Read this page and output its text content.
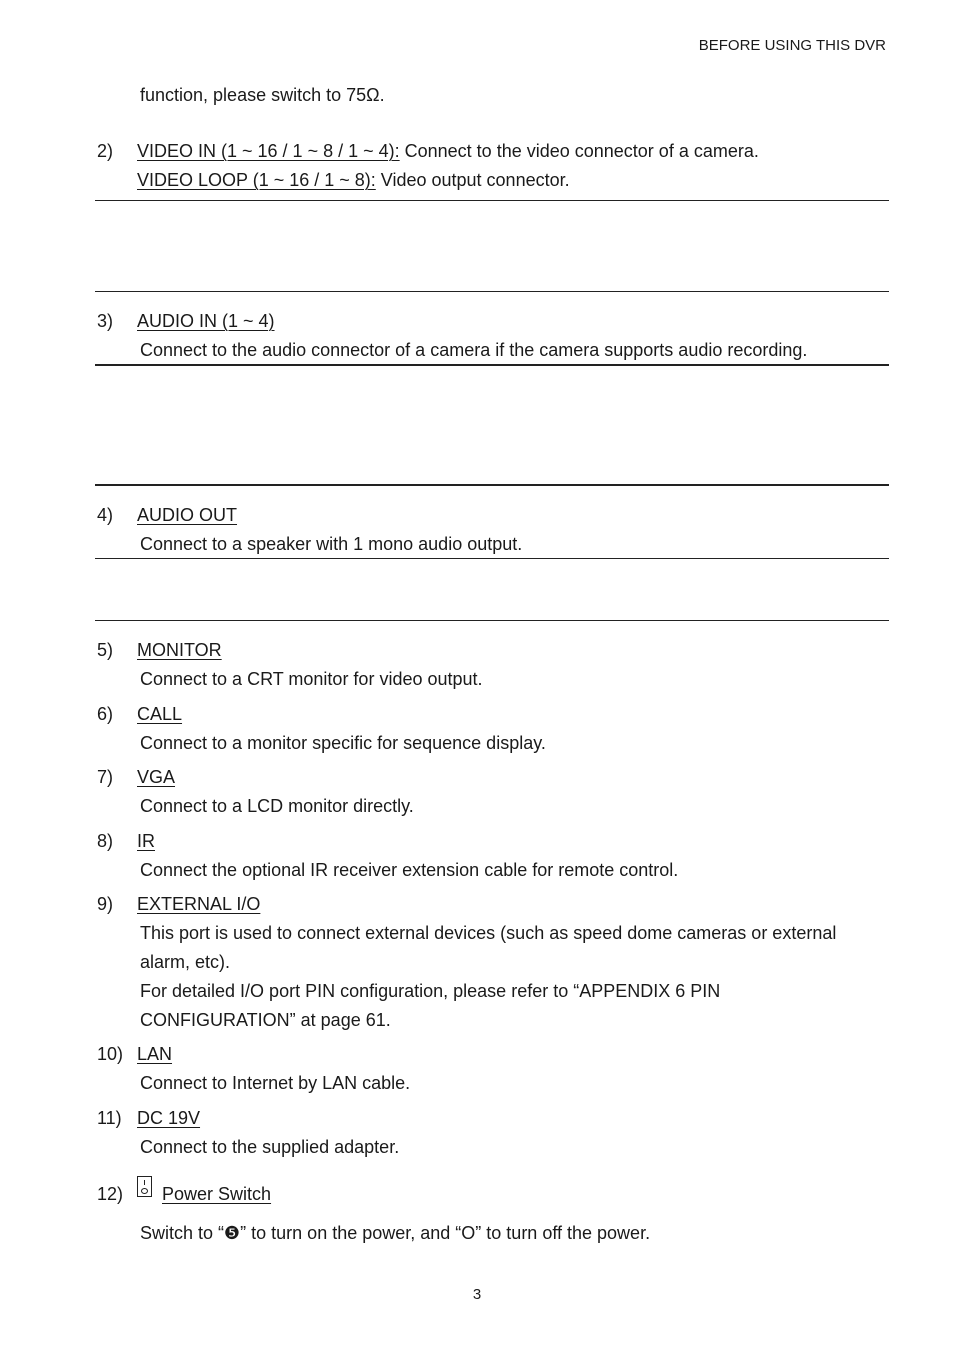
BEFORE USING THIS DVR
function, please switch to 75Ω.
2) VIDEO IN (1 ~ 16 / 1 ~ 8 / 1 ~ 4): Connect to the video connector of a camera.
VIDEO LOOP (1 ~ 16 / 1 ~ 8): Video output connector.
3) AUDIO IN (1 ~ 4)
Connect to the audio connector of a camera if the camera supports audio recording.
4) AUDIO OUT
Connect to a speaker with 1 mono audio output.
5) MONITOR
Connect to a CRT monitor for video output.
6) CALL
Connect to a monitor specific for sequence display.
7) VGA
Connect to a LCD monitor directly.
8) IR
Connect the optional IR receiver extension cable for remote control.
9) EXTERNAL I/O
This port is used to connect external devices (such as speed dome cameras or external
alarm, etc).
For detailed I/O port PIN configuration, please refer to “APPENDIX 6 PIN
CONFIGURATION” at page 61.
10) LAN
Connect to Internet by LAN cable.
11) DC 19V
Connect to the supplied adapter.
12) Power Switch
Switch to “❺” to turn on the power, and “O” to turn off the power.
3
